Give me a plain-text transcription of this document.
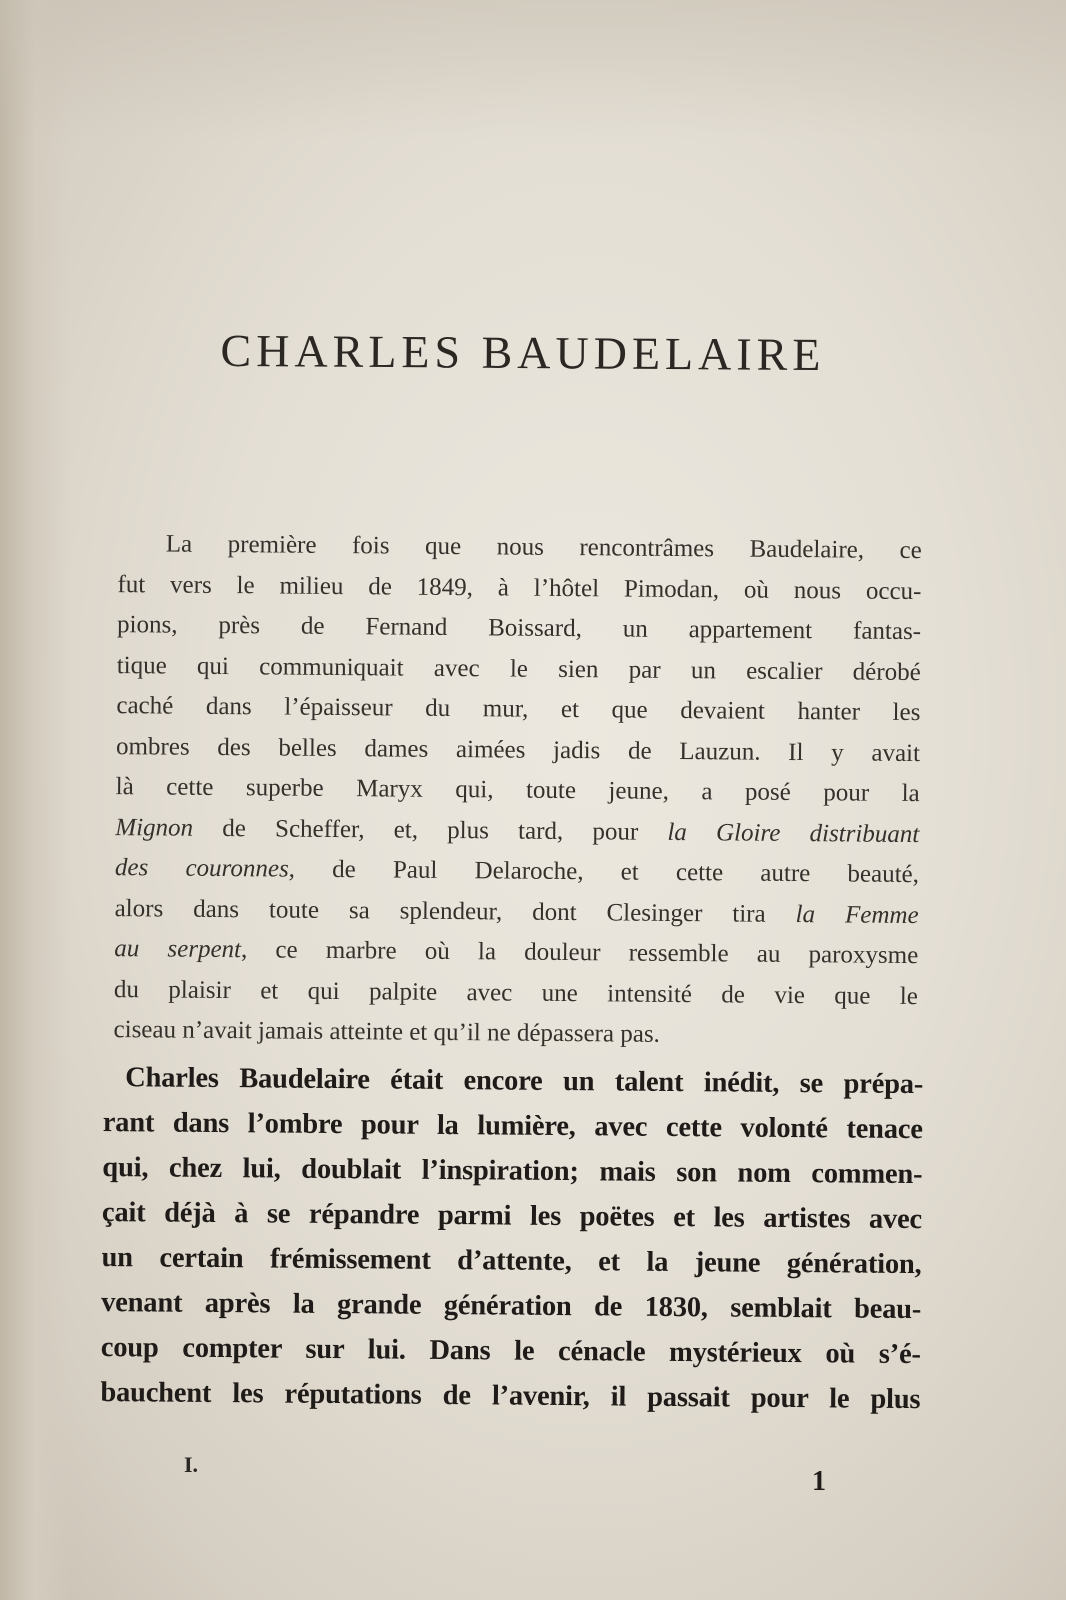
CHARLES BAUDELAIRE
La première fois que nous rencontrâmes Baudelaire, ce
fut vers le milieu de 1849, à l’hôtel Pimodan, où nous occu-
pions, près de Fernand Boissard, un appartement fantas-
tique qui communiquait avec le sien par un escalier dérobé
caché dans l’épaisseur du mur, et que devaient hanter les
ombres des belles dames aimées jadis de Lauzun. Il y avait
là cette superbe Maryx qui, toute jeune, a posé pour la
Mignon de Scheffer, et, plus tard, pour la Gloire distribuant
des couronnes, de Paul Delaroche, et cette autre beauté,
alors dans toute sa splendeur, dont Clesinger tira la Femme
au serpent, ce marbre où la douleur ressemble au paroxysme
du plaisir et qui palpite avec une intensité de vie que le
ciseau n’avait jamais atteinte et qu’il ne dépassera pas.
Charles Baudelaire était encore un talent inédit, se prépa-
rant dans l’ombre pour la lumière, avec cette volonté tenace
qui, chez lui, doublait l’inspiration; mais son nom commen-
çait déjà à se répandre parmi les poëtes et les artistes avec
un certain frémissement d’attente, et la jeune génération,
venant après la grande génération de 1830, semblait beau-
coup compter sur lui. Dans le cénacle mystérieux où s’é-
bauchent les réputations de l’avenir, il passait pour le plus
I.
1
